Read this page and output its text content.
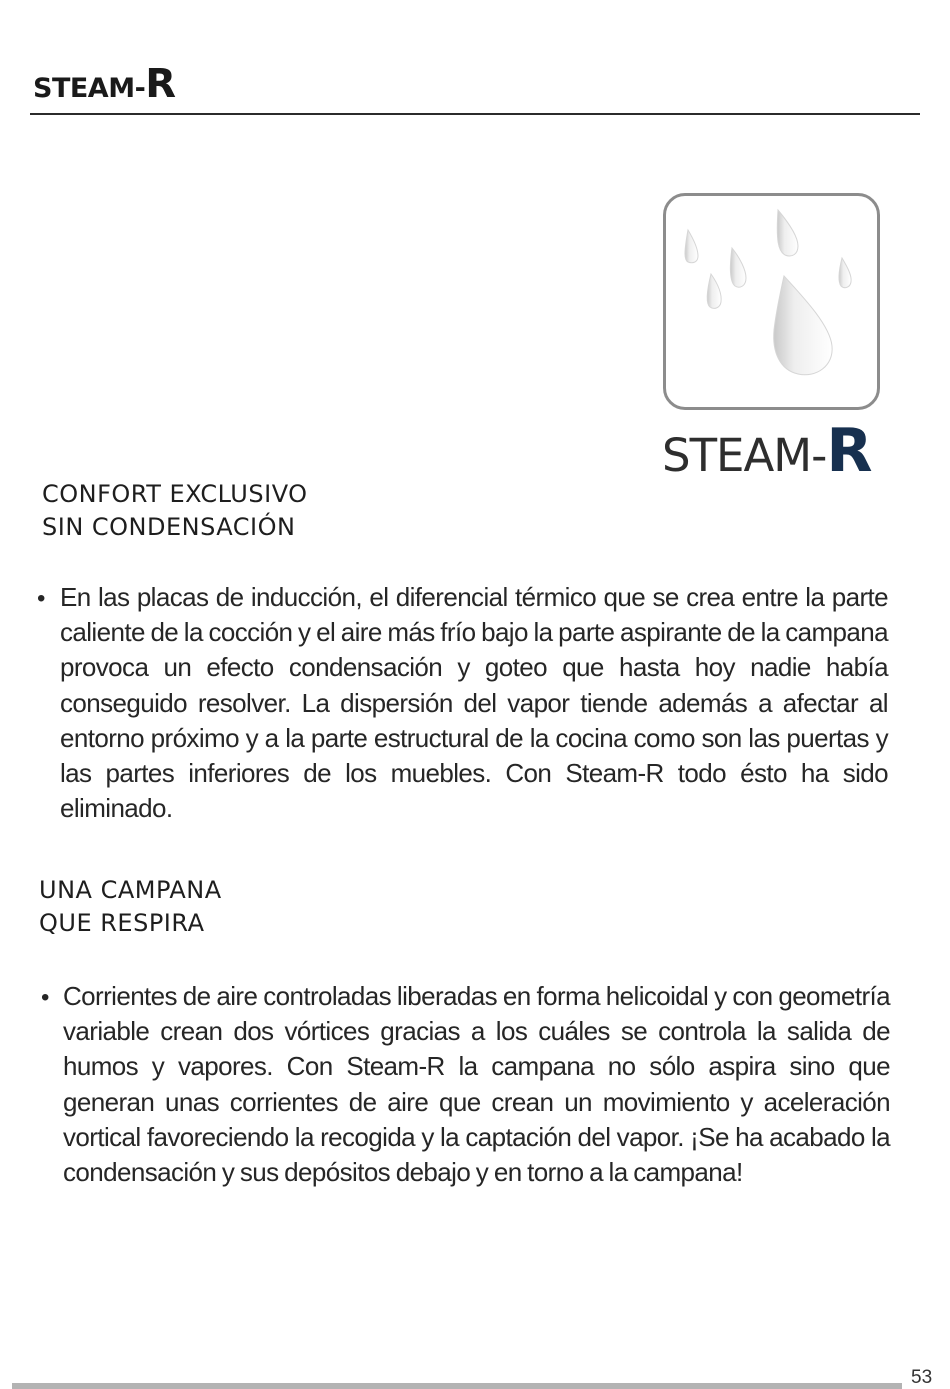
STEAM-R
STEAM-R
CONFORT EXCLUSIVO
SIN CONDENSACIÓN
• En las placas de inducción, el diferencial térmico que se crea entre la parte caliente de la cocción y el aire más frío bajo la parte aspirante de la campana provoca un efecto condensación y goteo que hasta hoy nadie había conseguido resolver. La dispersión del vapor tiende además a afectar al entorno próximo y a la parte estructural de la cocina como son las puertas y las partes inferiores de los muebles. Con Steam-R todo ésto ha sido eliminado.
UNA CAMPANA
QUE RESPIRA
• Corrientes de aire controladas liberadas en forma helicoidal y con geometría variable crean dos vórtices gracias a los cuáles se controla la salida de humos y vapores. Con Steam-R la campana no sólo aspira sino que generan unas corrientes de aire que crean un movimiento y aceleración vortical favoreciendo la recogida y la captación del vapor. ¡Se ha acabado la condensación y sus depósitos debajo y en torno a la campana!
53
